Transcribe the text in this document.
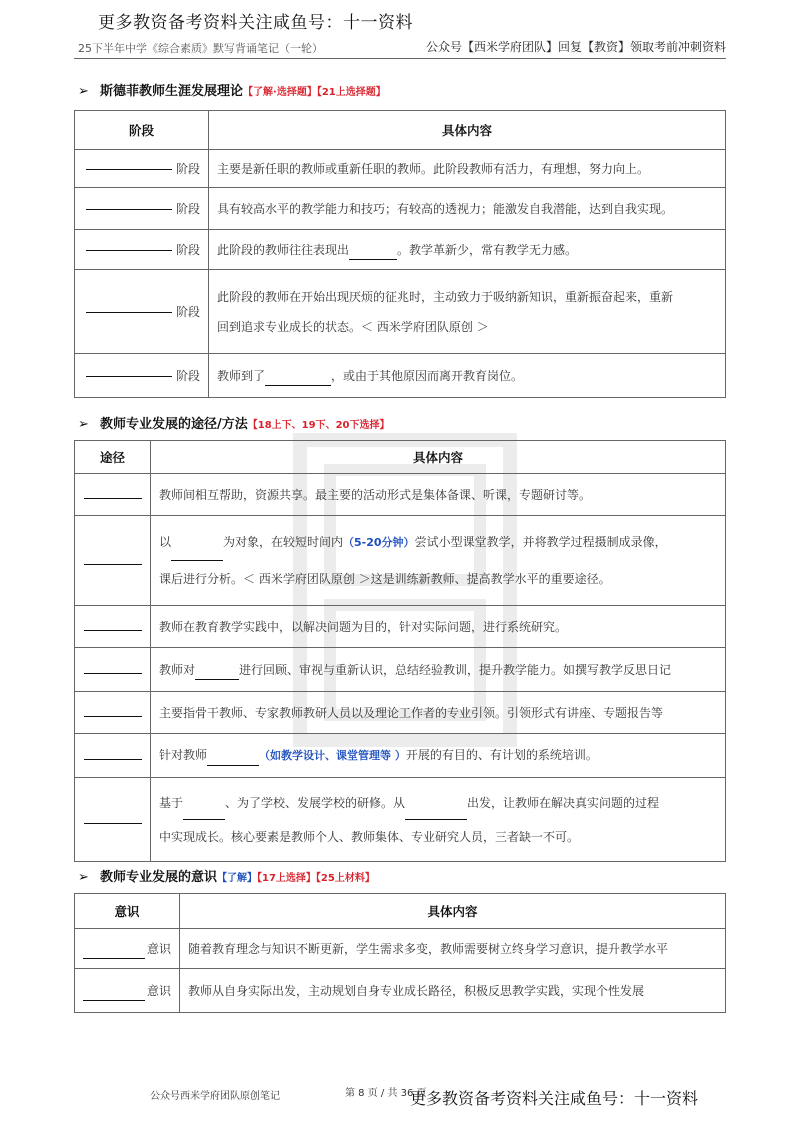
更多教资备考资料关注咸鱼号：十一资料
25下半年中学《综合素质》默写背诵笔记（一轮）	公众号【西米学府团队】回复【教资】领取考前冲刺资料
➢ 斯德菲教师生涯发展理论【了解·选择题】【21上选择题】
阶段	具体内容
阶段	主要是新任职的教师或重新任职的教师。此阶段教师有活力，有理想，努力向上。
阶段	具有较高水平的教学能力和技巧；有较高的透视力；能激发自我潜能，达到自我实现。
阶段	此阶段的教师往往表现出 。教学革新少，常有教学无力感。
阶段	此阶段的教师在开始出现厌烦的征兆时，主动致力于吸纳新知识，重新振奋起来，重新
回到追求专业成长的状态。＜ 西米学府团队原创 ＞
阶段	教师到了 ，或由于其他原因而离开教育岗位。
➢ 教师专业发展的途径/方法【18上下、19下、20下选择】
途径	具体内容
	教师间相互帮助，资源共享。最主要的活动形式是集体备课、听课，专题研讨等。
	以 为对象，在较短时间内（5-20分钟）尝试小型课堂教学，并将教学过程摄制成录像，
课后进行分析。＜ 西米学府团队原创 ＞这是训练新教师、提高教学水平的重要途径。
	教师在教育教学实践中，以解决问题为目的，针对实际问题，进行系统研究。
	教师对 进行回顾、审视与重新认识，总结经验教训，提升教学能力。如撰写教学反思日记
	主要指骨干教师、专家教师教研人员以及理论工作者的专业引领。引领形式有讲座、专题报告等
	针对教师 （如教学设计、课堂管理等 ）开展的有目的、有计划的系统培训。
	基于 、为了学校、发展学校的研修。从 出发，让教师在解决真实问题的过程
中实现成长。核心要素是教师个人、教师集体、专业研究人员，三者缺一不可。
➢ 教师专业发展的意识【了解】【17上选择】【25上材料】
意识	具体内容
意识	随着教育理念与知识不断更新，学生需求多变，教师需要树立终身学习意识，提升教学水平
意识	教师从自身实际出发，主动规划自身专业成长路径，积极反思教学实践，实现个性发展
公众号西米学府团队原创笔记	第 8 页 / 共 36 页
更多教资备考资料关注咸鱼号：十一资料
